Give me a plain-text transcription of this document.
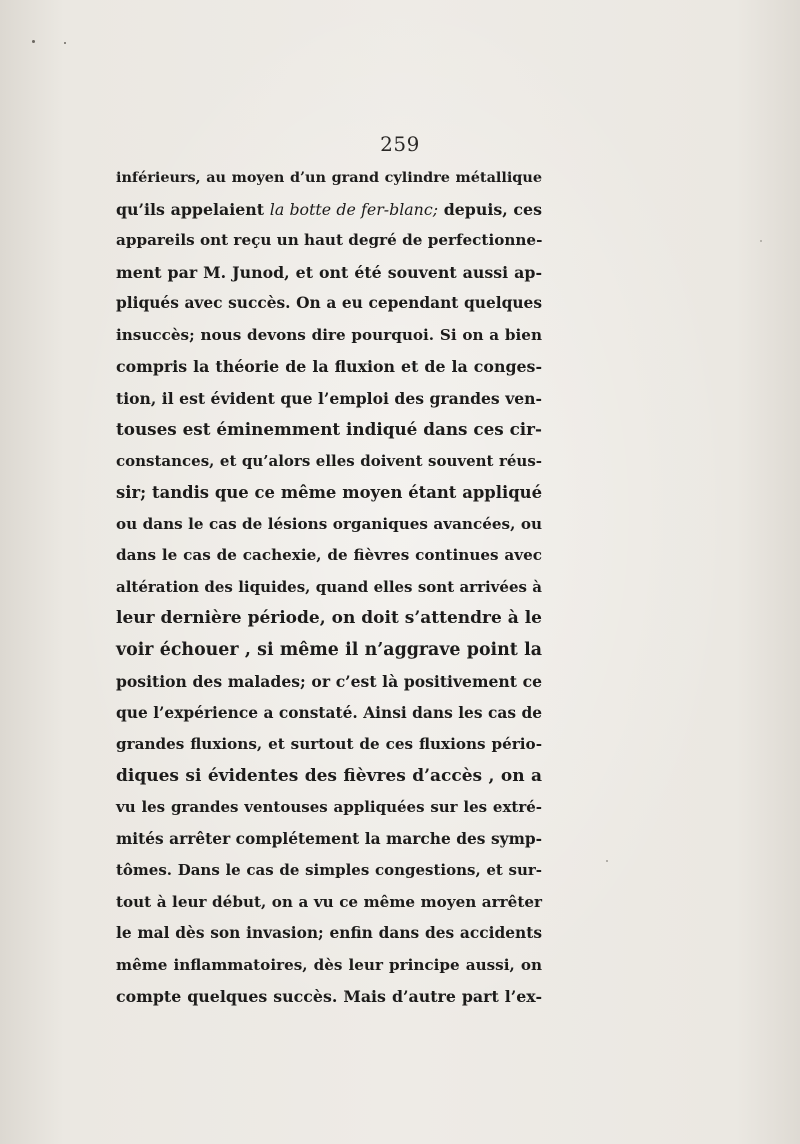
259
inférieurs, au moyen d’un grand cylindre métallique
qu’ils appelaient la botte de fer-blanc; depuis, ces
appareils ont reçu un haut degré de perfectionne-
ment par M. Junod, et ont été souvent aussi ap-
pliqués avec succès. On a eu cependant quelques
insuccès; nous devons dire pourquoi. Si on a bien
compris la théorie de la fluxion et de la conges-
tion, il est évident que l’emploi des grandes ven-
touses est éminemment indiqué dans ces cir-
constances, et qu’alors elles doivent souvent réus-
sir; tandis que ce même moyen étant appliqué
ou dans le cas de lésions organiques avancées, ou
dans le cas de cachexie, de fièvres continues avec
altération des liquides, quand elles sont arrivées à
leur dernière période, on doit s’attendre à le
voir échouer , si même il n’aggrave point la
position des malades; or c’est là positivement ce
que l’expérience a constaté. Ainsi dans les cas de
grandes fluxions, et surtout de ces fluxions pério-
diques si évidentes des fièvres d’accès , on a
vu les grandes ventouses appliquées sur les extré-
mités arrêter complétement la marche des symp-
tômes. Dans le cas de simples congestions, et sur-
tout à leur début, on a vu ce même moyen arrêter
le mal dès son invasion; enfin dans des accidents
même inflammatoires, dès leur principe aussi, on
compte quelques succès. Mais d’autre part l’ex-
